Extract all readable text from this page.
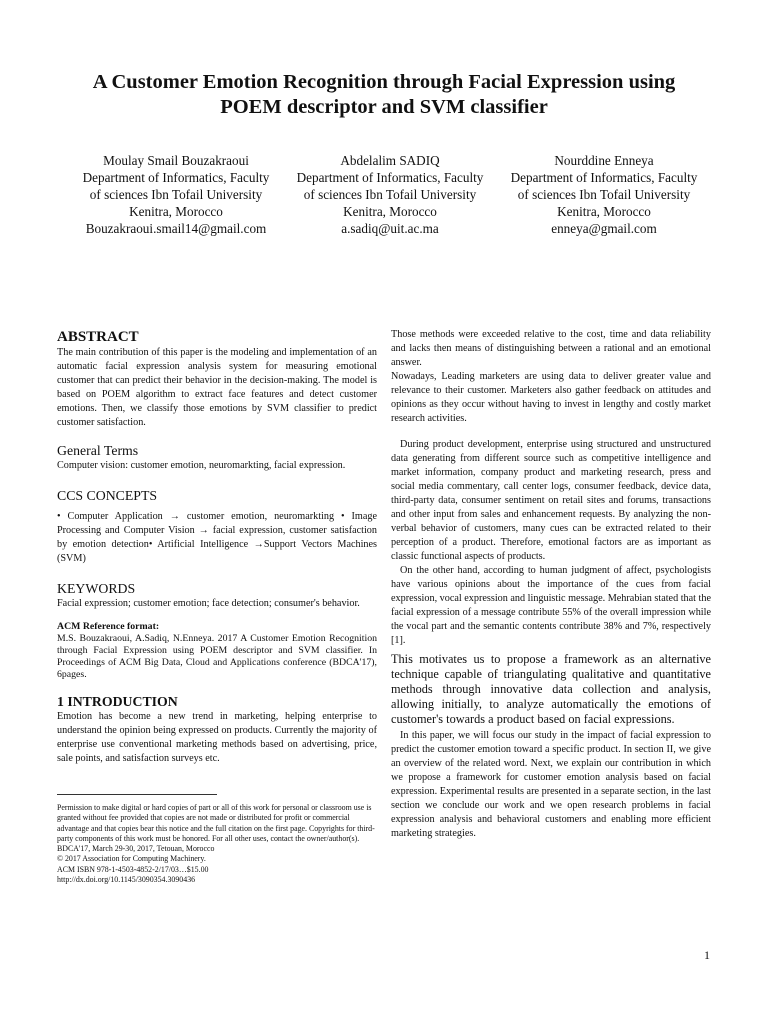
A Customer Emotion Recognition through Facial Expression using
POEM descriptor and SVM classifier
Moulay Smail Bouzakraoui
Department of Informatics, Faculty
of sciences Ibn Tofail University
Kenitra, Morocco
Bouzakraoui.smail14@gmail.com
Abdelalim SADIQ
Department of Informatics, Faculty
of sciences Ibn Tofail University
Kenitra, Morocco
a.sadiq@uit.ac.ma
Nourddine Enneya
Department of Informatics, Faculty
of sciences Ibn Tofail University
Kenitra, Morocco
enneya@gmail.com
ABSTRACT

The main contribution of this paper is the modeling and implementation of an automatic facial expression analysis system for measuring emotional customer that can predict their behavior in the decision-making. The model is based on POEM algorithm to extract face features and detect customer emotions. Then, we classify those emotions by SVM classifier to predict customer satisfaction.

General Terms

Computer vision: customer emotion, neuromarkting, facial expression.

CCS CONCEPTS

• Computer Application → customer emotion, neuromarkting • Image Processing and Computer Vision → facial expression, customer satisfaction by emotion detection• Artificial Intelligence →Support Vectors Machines (SVM)

KEYWORDS

Facial expression; customer emotion; face detection; consumer's behavior.

ACM Reference format:

M.S. Bouzakraoui, A.Sadiq, N.Enneya. 2017 A Customer Emotion Recognition through Facial Expression using POEM descriptor and SVM classifier. In Proceedings of ACM Big Data, Cloud and Applications conference (BDCA'17), 6pages.

1 INTRODUCTION

Emotion has become a new trend in marketing, helping enterprise to understand the opinion being expressed on products. Currently the majority of enterprise use conventional marketing methods based on advertising, price, sale points, and satisfaction surveys etc.

Permission to make digital or hard copies of part or all of this work for personal or classroom use is granted without fee provided that copies are not made or distributed for profit or commercial advantage and that copies bear this notice and the full citation on the first page. Copyrights for third-party components of this work must be honored. For all other uses, contact the owner/author(s).

BDCA'17, March 29-30, 2017, Tetouan, Morocco

© 2017 Association for Computing Machinery.

ACM ISBN 978-1-4503-4852-2/17/03…$15.00

http://dx.doi.org/10.1145/3090354.3090436

Those methods were exceeded relative to the cost, time and data reliability and lacks then means of distinguishing between a rational and an emotional answer.

Nowadays, Leading marketers are using data to deliver greater value and relevance to their customer. Marketers also gather feedback on attitudes and opinions as they occur without having to invest in lengthy and costly market research activities.

During product development, enterprise using structured and unstructured data generating from different source such as competitive intelligence and market information, company product and marketing research, press and social media commentary, call center logs, consumer feedback, device data, third-party data, consumer sentiment on retail sites and forums, transactions and other input from sales and enhancement requests. By analyzing the non-verbal behavior of customers, many cues can be extracted related to their perception of a product. Therefore, emotional factors are as important as classic functional aspects of products.

On the other hand, according to human judgment of affect, psychologists have various opinions about the importance of the cues from facial expression, vocal expression and linguistic message. Mehrabian stated that the facial expression of a message contribute 55% of the overall impression while the vocal part and the semantic contents contribute 38% and 7%, respectively [1].

This motivates us to propose a framework as an alternative technique capable of triangulating qualitative and quantitative methods through innovative data collection and analysis, allowing initially, to analyze automatically the emotions of customer's towards a product based on facial expressions.

In this paper, we will focus our study in the impact of facial expression to predict the customer emotion toward a specific product. In section II, we give an overview of the related word. Next, we explain our contribution in which we propose a framework for customer emotion analysis based on facial expression. Experimental results are presented in a separate section, in the last section we conclude our work and we open research problems in facial expression analysis and behavioral customers and enabling more efficient marketing strategies.

1
